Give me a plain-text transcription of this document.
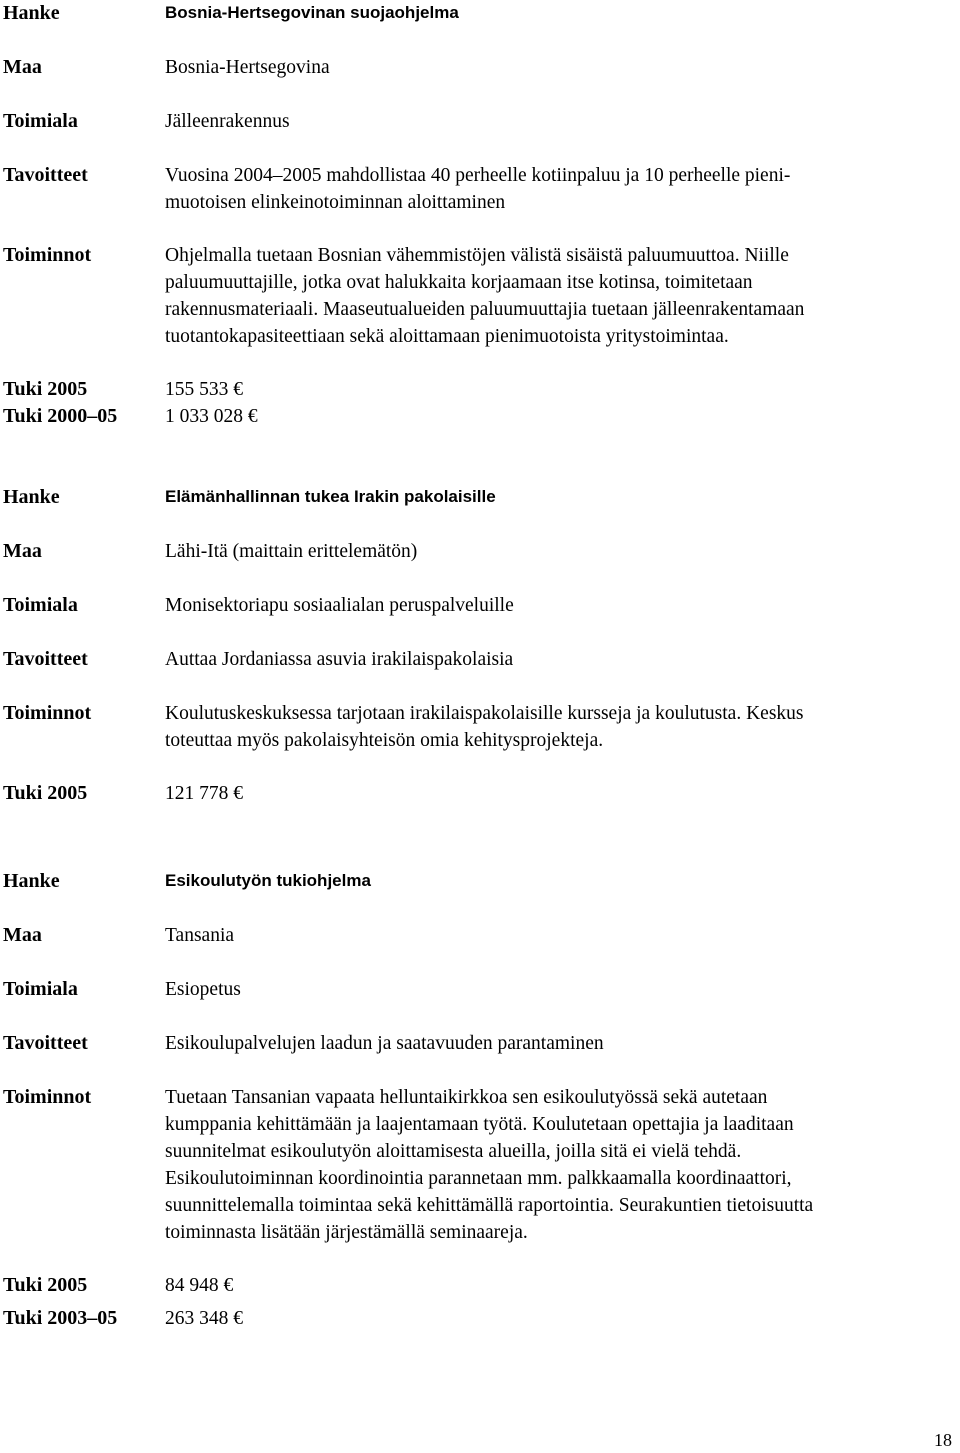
Hanke	Bosnia-Hertsegovinan suojaohjelma
Maa	Bosnia-Hertsegovina
Toimiala	Jälleenrakennus
Tavoitteet	Vuosina 2004–2005 mahdollistaa 40 perheelle kotiinpaluu ja 10 perheelle pieni-
muotoisen elinkeinotoiminnan aloittaminen
Toiminnot	Ohjelmalla tuetaan Bosnian vähemmistöjen välistä sisäistä paluumuuttoa. Niille
paluumuuttajille, jotka ovat halukkaita korjaamaan itse kotinsa, toimitetaan
rakennusmateriaali. Maaseutualueiden paluumuuttajia tuetaan jälleenrakentamaan
tuotantokapasiteettiaan sekä aloittamaan pienimuotoista yritystoimintaa.
Tuki 2005	155 533 €
Tuki 2000–05	1 033 028 €
Hanke	Elämänhallinnan tukea Irakin pakolaisille
Maa	Lähi-Itä (maittain erittelemätön)
Toimiala	Monisektoriapu sosiaalialan peruspalveluille
Tavoitteet	Auttaa Jordaniassa asuvia irakilaispakolaisia
Toiminnot	Koulutuskeskuksessa tarjotaan irakilaispakolaisille kursseja ja koulutusta. Keskus
toteuttaa myös pakolaisyhteisön omia kehitysprojekteja.
Tuki 2005	121 778 €
Hanke	Esikoulutyön tukiohjelma
Maa	Tansania
Toimiala	Esiopetus
Tavoitteet	Esikoulupalvelujen laadun ja saatavuuden parantaminen
Toiminnot	Tuetaan Tansanian vapaata helluntaikirkkoa sen esikoulutyössä sekä autetaan
kumppania kehittämään ja laajentamaan työtä. Koulutetaan opettajia ja laaditaan
suunnitelmat esikoulutyön aloittamisesta alueilla, joilla sitä ei vielä tehdä.
Esikoulutoiminnan koordinointia parannetaan mm. palkkaamalla koordinaattori,
suunnittelemalla toimintaa sekä kehittämällä raportointia. Seurakuntien tietoisuutta
toiminnasta lisätään järjestämällä seminaareja.
Tuki 2005	84 948 €
Tuki 2003–05	263 348 €
18
